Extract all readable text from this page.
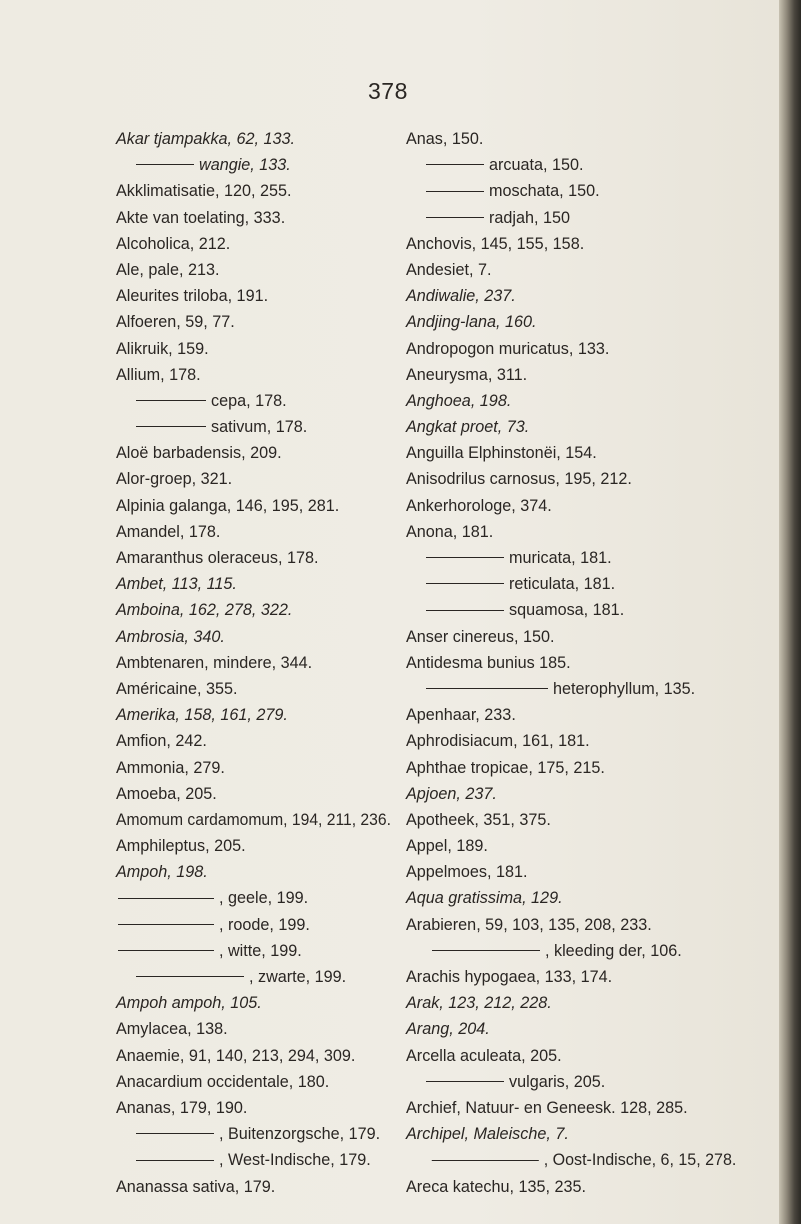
378
Akar tjampakka, 62, 133.
wangie, 133.
Akklimatisatie, 120, 255.
Akte van toelating, 333.
Alcoholica, 212.
Ale, pale, 213.
Aleurites triloba, 191.
Alfoeren, 59, 77.
Alikruik, 159.
Allium, 178.
cepa, 178.
sativum, 178.
Aloë barbadensis, 209.
Alor-groep, 321.
Alpinia galanga, 146, 195, 281.
Amandel, 178.
Amaranthus oleraceus, 178.
Ambet, 113, 115.
Amboina, 162, 278, 322.
Ambrosia, 340.
Ambtenaren, mindere, 344.
Américaine, 355.
Amerika, 158, 161, 279.
Amfion, 242.
Ammonia, 279.
Amoeba, 205.
Amomum cardamomum, 194, 211, 236.
Amphileptus, 205.
Ampoh, 198.
, geele, 199.
, roode, 199.
, witte, 199.
, zwarte, 199.
Ampoh ampoh, 105.
Amylacea, 138.
Anaemie, 91, 140, 213, 294, 309.
Anacardium occidentale, 180.
Ananas, 179, 190.
, Buitenzorgsche, 179.
, West-Indische, 179.
Ananassa sativa, 179.
Anas, 150.
arcuata, 150.
moschata, 150.
radjah, 150
Anchovis, 145, 155, 158.
Andesiet, 7.
Andiwalie, 237.
Andjing-lana, 160.
Andropogon muricatus, 133.
Aneurysma, 311.
Anghoea, 198.
Angkat proet, 73.
Anguilla Elphinstonëi, 154.
Anisodrilus carnosus, 195, 212.
Ankerhorologe, 374.
Anona, 181.
muricata, 181.
reticulata, 181.
squamosa, 181.
Anser cinereus, 150.
Antidesma bunius 185.
heterophyllum, 135.
Apenhaar, 233.
Aphrodisiacum, 161, 181.
Aphthae tropicae, 175, 215.
Apjoen, 237.
Apotheek, 351, 375.
Appel, 189.
Appelmoes, 181.
Aqua gratissima, 129.
Arabieren, 59, 103, 135, 208, 233.
, kleeding der, 106.
Arachis hypogaea, 133, 174.
Arak, 123, 212, 228.
Arang, 204.
Arcella aculeata, 205.
vulgaris, 205.
Archief, Natuur- en Geneesk. 128, 285.
Archipel, Maleische, 7.
, Oost-Indische, 6, 15, 278.
Areca katechu, 135, 235.
